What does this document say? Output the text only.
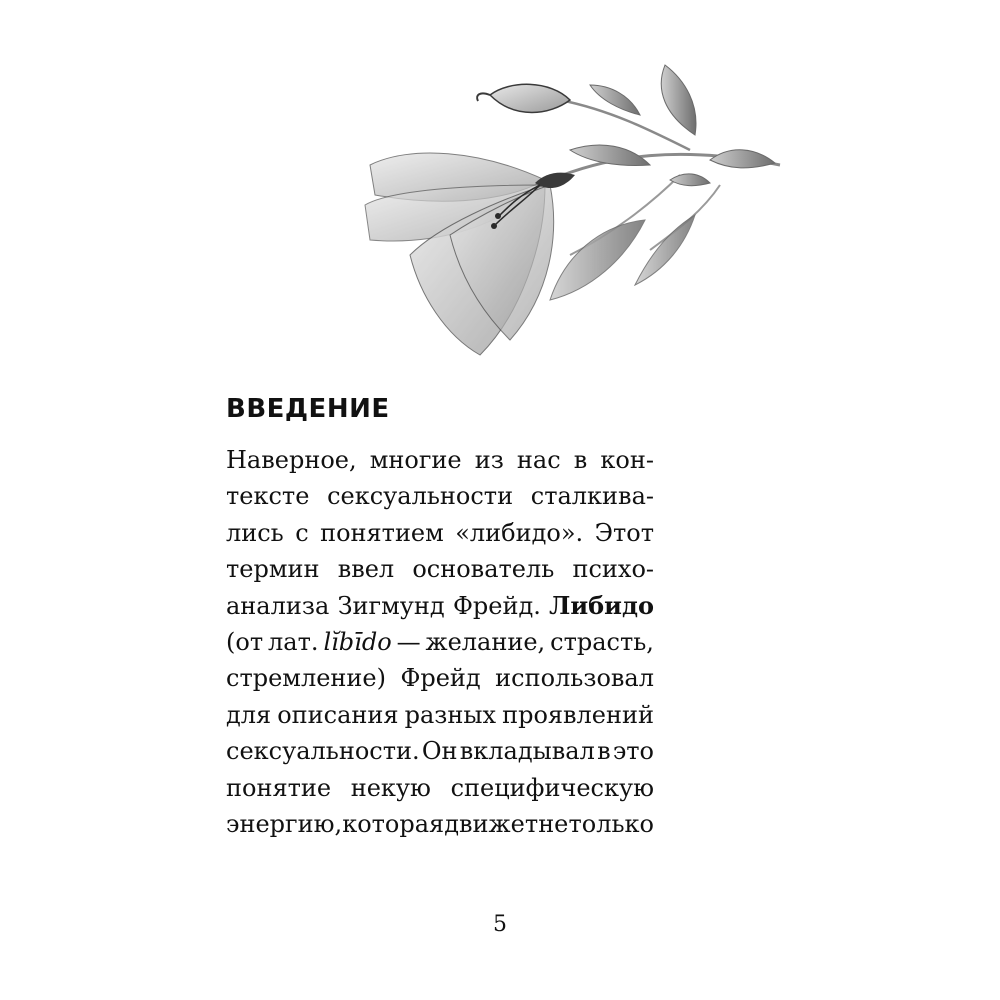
ВВЕДЕНИЕ
Наверное, многие из нас в кон-
тексте сексуальности сталкива-
лись с понятием «либидо». Этот
термин ввел основатель психо-
анализа Зигмунд Фрейд. Либидо
(от лат. lĭbīdo — желание, страсть,
стремление) Фрейд использовал
для описания разных проявлений
сексуальности. Он вкладывал в это
понятие некую специфическую
энергию, которая движет не только
5
